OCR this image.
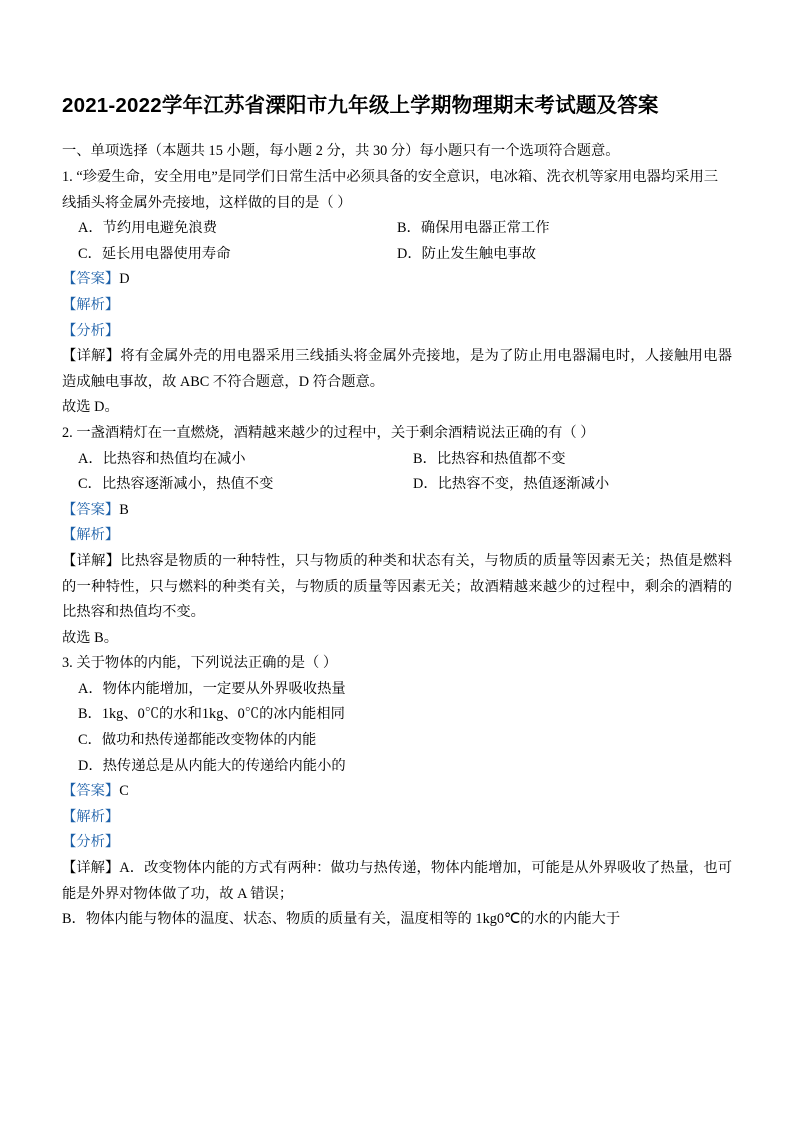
2021-2022学年江苏省溧阳市九年级上学期物理期末考试题及答案
一、单项选择（本题共 15 小题，每小题 2 分，共 30 分）每小题只有一个选项符合题意。
1. “珍爱生命，安全用电”是同学们日常生活中必须具备的安全意识，电冰箱、洗衣机等家用电器均采用三线插头将金属外壳接地，这样做的目的是（ ）
A．节约用电避免浪费	B．确保用电器正常工作
C．延长用电器使用寿命	D．防止发生触电事故
【答案】D
【解析】
【分析】
【详解】将有金属外壳的用电器采用三线插头将金属外壳接地，是为了防止用电器漏电时，人接触用电器造成触电事故，故 ABC 不符合题意，D 符合题意。
故选 D。
2. 一盏酒精灯在一直燃烧，酒精越来越少的过程中，关于剩余酒精说法正确的有（ ）
A．比热容和热值均在减小	B．比热容和热值都不变
C．比热容逐渐减小，热值不变	D．比热容不变，热值逐渐减小
【答案】B
【解析】
【详解】比热容是物质的一种特性，只与物质的种类和状态有关，与物质的质量等因素无关；热值是燃料的一种特性，只与燃料的种类有关，与物质的质量等因素无关；故酒精越来越少的过程中，剩余的酒精的比热容和热值均不变。
故选 B。
3. 关于物体的内能，下列说法正确的是（ ）
A．物体内能增加，一定要从外界吸收热量
B．1kg、0℃的水和1kg、0℃的冰内能相同
C．做功和热传递都能改变物体的内能
D．热传递总是从内能大的传递给内能小的
【答案】C
【解析】
【分析】
【详解】A．改变物体内能的方式有两种：做功与热传递，物体内能增加，可能是从外界吸收了热量，也可能是外界对物体做了功，故 A 错误；
B．物体内能与物体的温度、状态、物质的质量有关，温度相等的 1kg0℃的水的内能大于
